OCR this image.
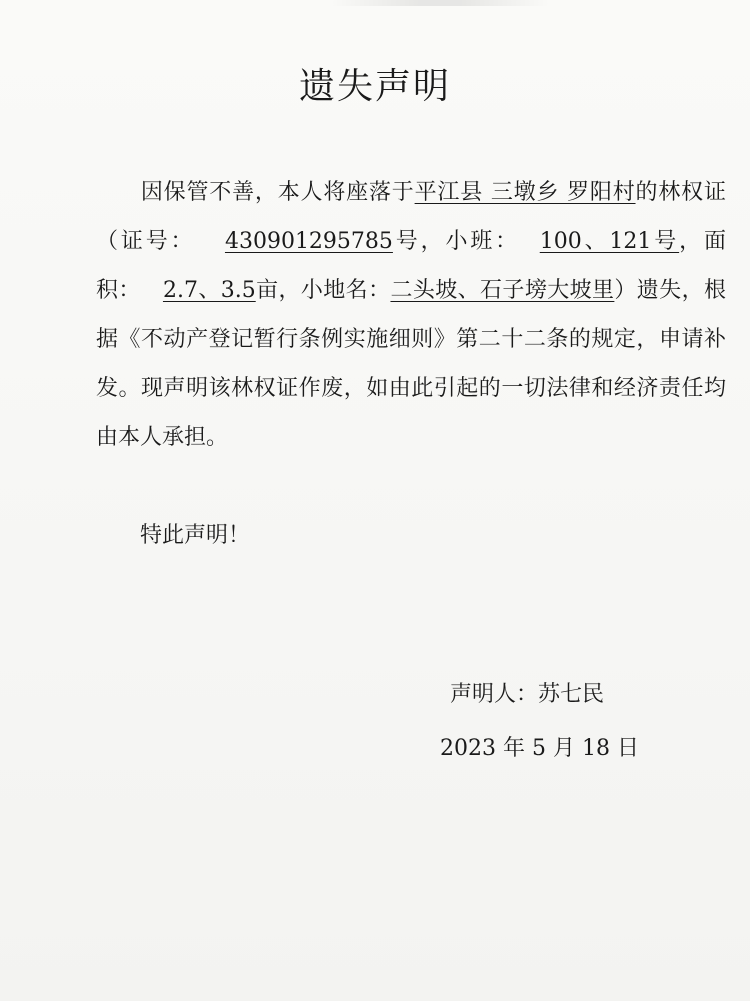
遗失声明

因保管不善，本人将座落于平江县 三墩乡 罗阳村的林权证（证号： 430901295785号，小班： 100、121号，面积： 2.7、3.5亩，小地名：二头坡、石子塝大坡里）遗失，根据《不动产登记暂行条例实施细则》第二十二条的规定，申请补发。现声明该林权证作废，如由此引起的一切法律和经济责任均由本人承担。

特此声明！
声明人：苏七民
2023 年 5 月 18 日
